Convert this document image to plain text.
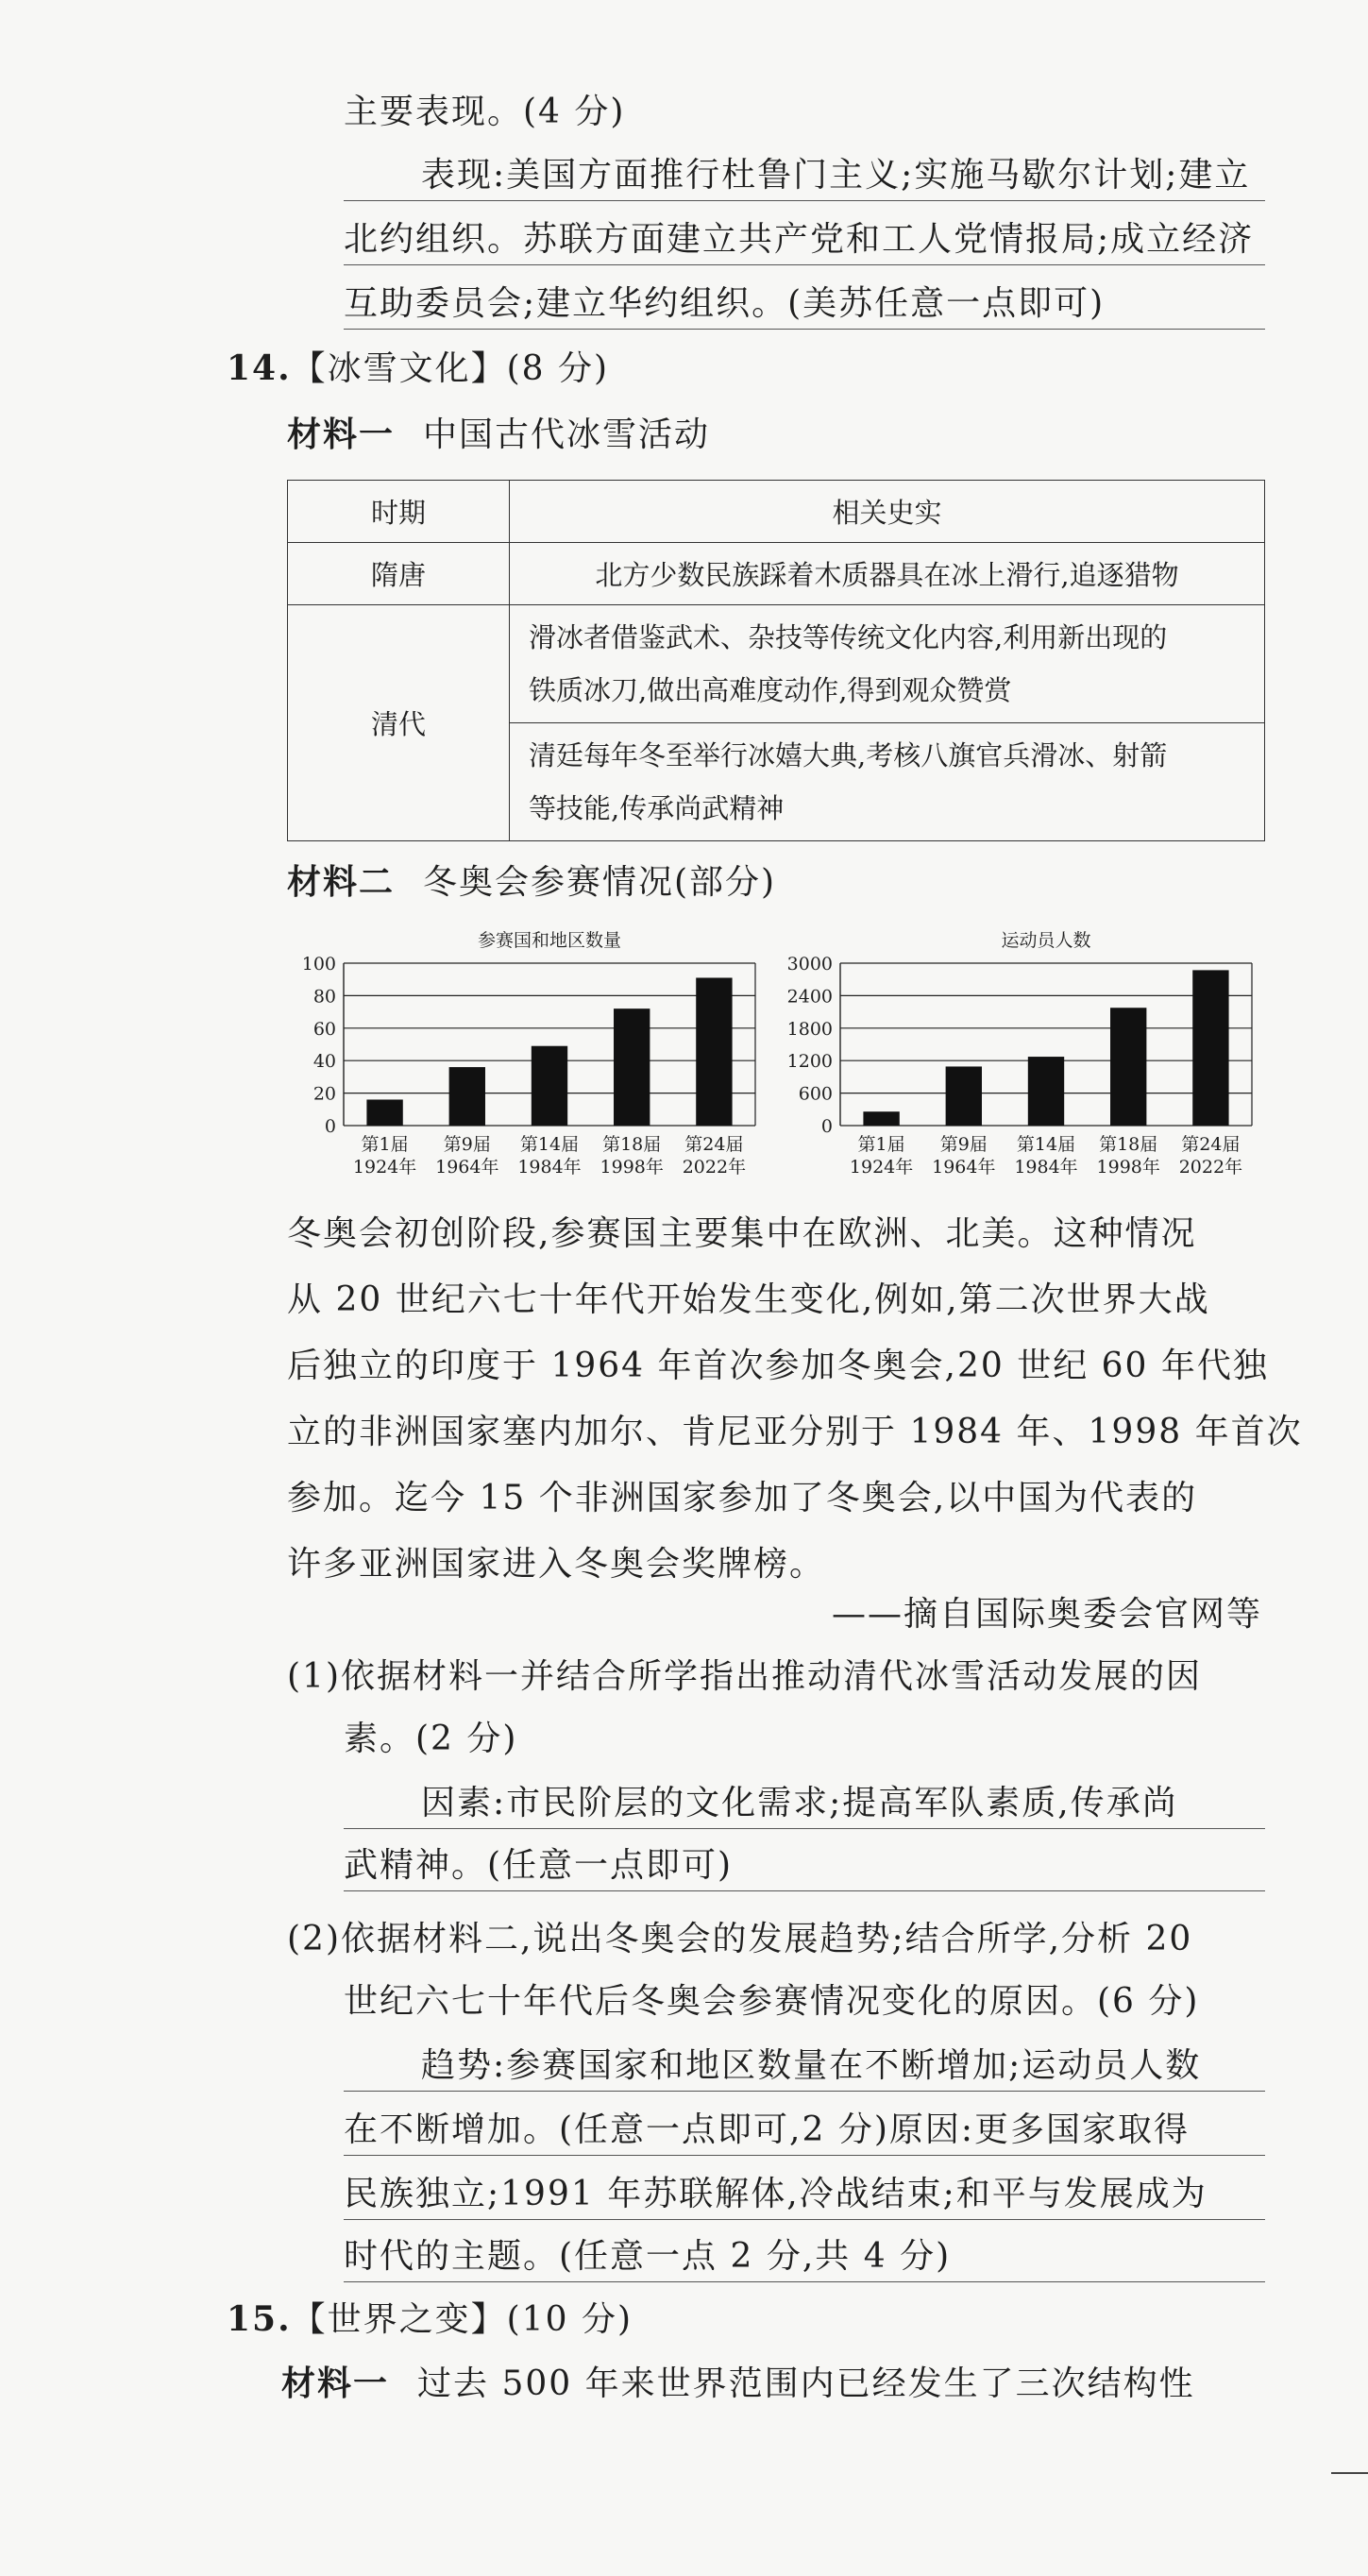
主要表现。(4 分)
表现:美国方面推行杜鲁门主义;实施马歇尔计划;建立
北约组织。苏联方面建立共产党和工人党情报局;成立经济
互助委员会;建立华约组织。(美苏任意一点即可)
14.【冰雪文化】(8 分)
材料一 中国古代冰雪活动
时期	相关史实
隋唐	北方少数民族踩着木质器具在冰上滑行,追逐猎物
清代	滑冰者借鉴武术、杂技等传统文化内容,利用新出现的
铁质冰刀,做出高难度动作,得到观众赞赏

	清廷每年冬至举行冰嬉大典,考核八旗官兵滑冰、射箭
等技能,传承尚武精神
材料二 冬奥会参赛情况(部分)
参赛国和地区数量
0
20
40
60
80
100
第1届
1924年
第9届
1964年
第14届
1984年
第18届
1998年
第24届
2022年
运动员人数
0
600
1200
1800
2400
3000
第1届
1924年
第9届
1964年
第14届
1984年
第18届
1998年
第24届
2022年
冬奥会初创阶段,参赛国主要集中在欧洲、北美。这种情况
从 20 世纪六七十年代开始发生变化,例如,第二次世界大战
后独立的印度于 1964 年首次参加冬奥会,20 世纪 60 年代独
立的非洲国家塞内加尔、肯尼亚分别于 1984 年、1998 年首次
参加。迄今 15 个非洲国家参加了冬奥会,以中国为代表的
许多亚洲国家进入冬奥会奖牌榜。
——摘自国际奥委会官网等
(1)依据材料一并结合所学指出推动清代冰雪活动发展的因
素。(2 分)
因素:市民阶层的文化需求;提高军队素质,传承尚
武精神。(任意一点即可)
(2)依据材料二,说出冬奥会的发展趋势;结合所学,分析 20
世纪六七十年代后冬奥会参赛情况变化的原因。(6 分)
趋势:参赛国家和地区数量在不断增加;运动员人数
在不断增加。(任意一点即可,2 分)原因:更多国家取得
民族独立;1991 年苏联解体,冷战结束;和平与发展成为
时代的主题。(任意一点 2 分,共 4 分)
15.【世界之变】(10 分)
材料一 过去 500 年来世界范围内已经发生了三次结构性
